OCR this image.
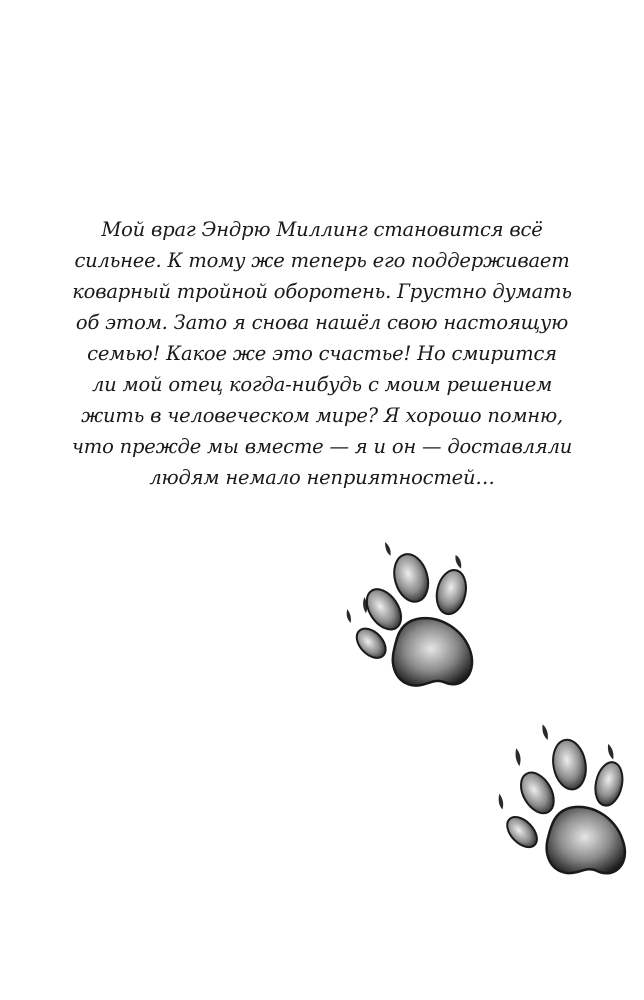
Мой враг Эндрю Миллинг становится всё
сильнее. К тому же теперь его поддерживает
коварный тройной оборотень. Грустно думать
об этом. Зато я снова нашёл свою настоящую
семью! Какое же это счастье! Но смирится
ли мой отец когда-нибудь с моим решением
жить в человеческом мире? Я хорошо помню,
что прежде мы вместе — я и он — доставляли
людям немало неприятностей…
